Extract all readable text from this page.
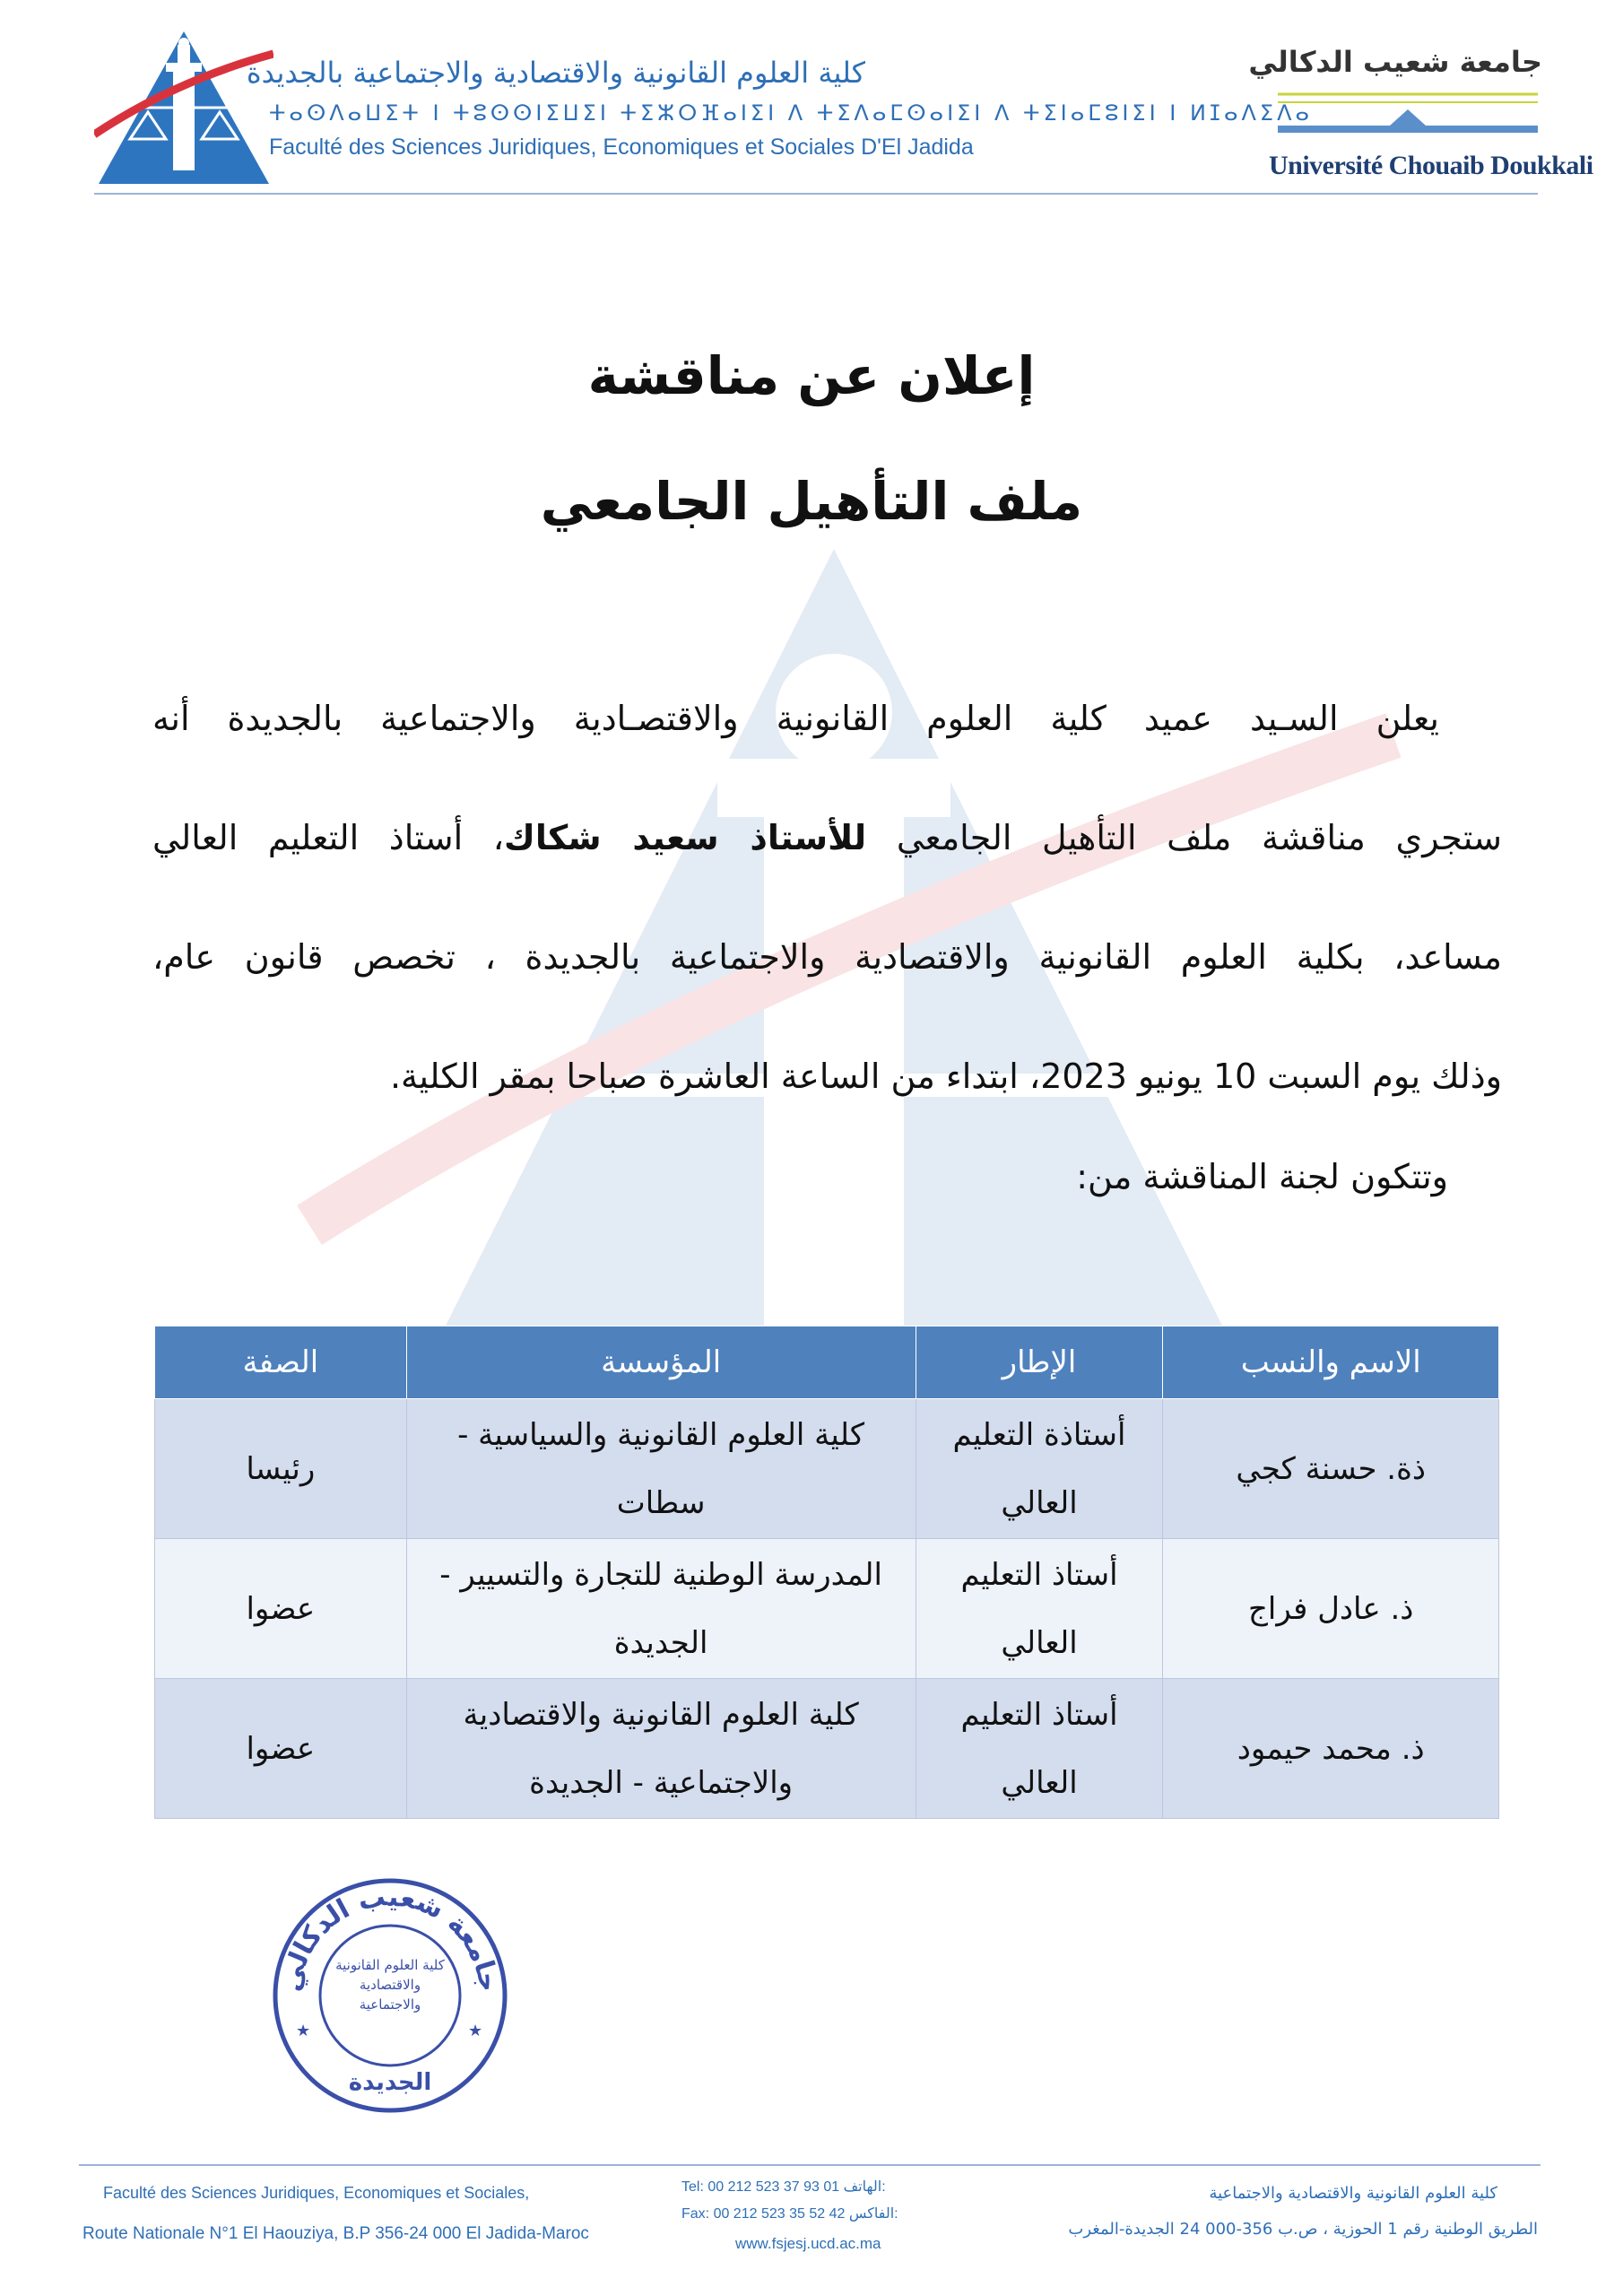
كلية العلوم القانونية والاقتصادية والاجتماعية بالجديدة
ⵜⴰⵙⴷⴰⵡⵉⵜ ⵏ ⵜⵓⵙⵙⵏⵉⵡⵉⵏ ⵜⵉⵣⵔⴼⴰⵏⵉⵏ ⴷ ⵜⵉⴷⴰⵎⵙⴰⵏⵉⵏ ⴷ ⵜⵉⵏⴰⵎⵓⵏⵉⵏ ⵏ ⵍⵊⴰⴷⵉⴷⴰ
Faculté des Sciences Juridiques, Economiques et Sociales D'El Jadida
جامعة شعيب الدكالي
Université Chouaib Doukkali
إعلان عن مناقشة
ملف التأهيل الجامعي
يعلن السـيد عميد كلية العلوم القانونية والاقتصـادية والاجتماعية بالجديدة أنه
ستجري مناقشة ملف التأهيل الجامعي للأستاذ سعيد شكاك، أستاذ التعليم العالي
مساعد، بكلية العلوم القانونية والاقتصادية والاجتماعية بالجديدة ، تخصص قانون عام،
وذلك يوم السبت 10 يونيو 2023، ابتداء من الساعة العاشرة صباحا بمقر الكلية.
وتتكون لجنة المناقشة من:
الاسم والنسب	الإطار	المؤسسة	الصفة
ذة. حسنة كجي	أستاذة التعليم العالي	كلية العلوم القانونية والسياسية - سطات	رئيسا
ذ. عادل فراج	أستاذ التعليم العالي	المدرسة الوطنية للتجارة والتسيير - الجديدة	عضوا
ذ. محمد حيمود	أستاذ التعليم العالي	كلية العلوم القانونية والاقتصادية والاجتماعية - الجديدة	عضوا
جامعة شعيب الدكالي
كلية العلوم القانونية والاقتصادية والاجتماعية
الجديدة
★	★
Faculté des Sciences Juridiques, Economiques et Sociales,
Route Nationale N°1 El Haouziya, B.P 356-24 000 El Jadida-Maroc
Tel: 00 212 523 37 93 01 الهاتف:
Fax: 00 212 523 35 52 42 الفاكس:
www.fsjesj.ucd.ac.ma
كلية العلوم القانونية والاقتصادية والاجتماعية
الطريق الوطنية رقم 1 الحوزية ، ص.ب 356-000 24 الجديدة-المغرب
